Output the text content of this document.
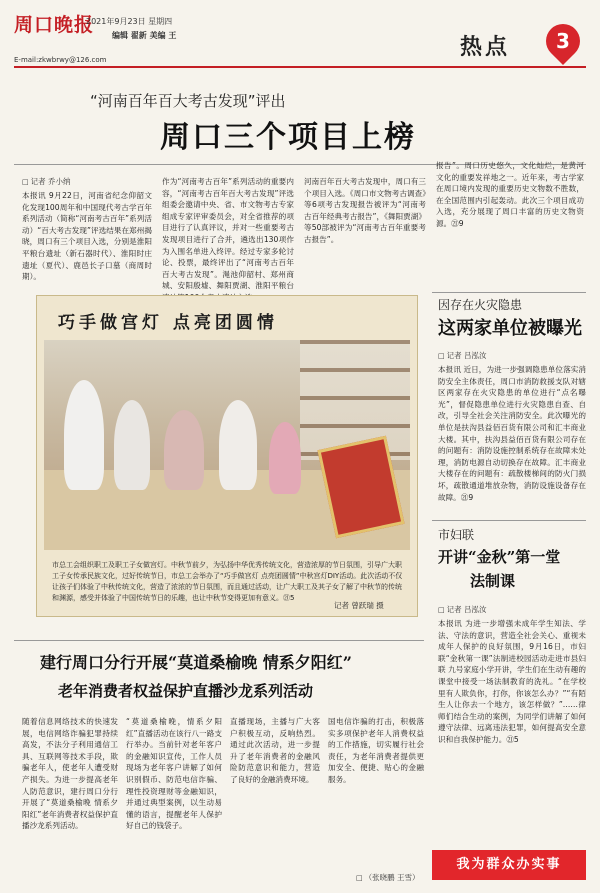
周口晚报
2021年9月23日 星期四
编辑 翟新 美编 王
E-mail:zkwbrwy@126.com	热点	3
“河南百年百大考古发现”评出
周口三个项目上榜
□ 记者 乔小纳
本报讯 9月22日，河南省纪念仰韶文化发现100周年和中国现代考古学百年系列活动（简称“河南考古百年”系列活动）“百大考古发现”评选结果在郑州揭晓，周口有三个项目入选，分别是淮阳平粮台遗址（新石器时代）、淮阳时庄遗址（夏代）、鹿邑长子口墓（商周时期）。
作为“河南考古百年”系列活动的重要内容，“河南考古百年百大考古发现”评选组委会邀请中央、省、市文物考古专家组成专家评审委员会，对全省推荐的项目进行了认真评议，并对一些重要考古发现项目进行了合并，遴选出130项作为入围名单进入终评。经过专家多轮讨论、投票，最终评出了“河南考古百年百大考古发现”。渑池仰韶村、郑州商城、安阳殷墟、舞阳贾湖、淮阳平粮台
河南百年百大考古发现中，周口有三个项目入选。《周口市文物考古调查》等6项考古发现报告被评为“河南考古百年经典考古报告”，《舞阳贾湖》等50部被评为“河南考古百年重要考古报告”。
报告”。周口历史悠久，文化灿烂，是黄河文化的重要发祥地之一。近年来，考古学家在周口境内发现的重要历史文物数不胜数，在全国范围内引起轰动。此次三个项目成功入选，充分展现了周口丰富的历史文物资源。㉑9
巧手做宫灯 点亮团圆情
市总工会组织职工及职工子女做宫灯。中秋节前夕，为弘扬中华优秀传统文化，营造浓厚的节日氛围，引导广大职工子女传承民族文化，过好传统节日，市总工会举办了“巧手做宫灯 点亮团圆情”中秋宫灯DIY活动。此次活动不仅让孩子们体验了中秋传统文化，营造了浓浓的节日氛围，而且通过活动，让广大职工及其子女了解了中秋节的传统和渊源，感受并体验了中国传统节日的乐趣，也让中秋节变得更加有意义。㉑5
记者 曾跃瑞 摄
因存在火灾隐患
这两家单位被曝光
□ 记者 吕泓汝
本报讯 近日，为进一步强调隐患单位落实消防安全主体责任，周口市消防救援支队对辖区两家存在火灾隐患的单位进行“点名曝光”，督促隐患单位进行火灾隐患自查、自改，引导全社会关注消防安全。此次曝光的单位是扶沟县益佰百货有限公司和汇丰商业大楼。其中，扶沟县益佰百货有限公司存在的问题有：消防设施控制系统存在故障未处理，消防电源自动切换存在故障。汇丰商业大楼存在的问题有：疏散楼梯间的防火门损坏，疏散通道堆放杂物，消防设施设备存在故障。㉑9
市妇联
开讲“金秋”第一堂
法制课
□ 记者 吕泓汝
本报讯 为进一步增强未成年学生知法、学法、守法的意识，营造全社会关心、重视未成年人保护的良好氛围，9月16日，市妇联“金秋第一课”法制进校园活动走进市县妇联 九号家庭小学开讲，学生们在生动有趣的课堂中接受一场法制教育的洗礼。“在学校里有人欺负你，打你，你该怎么办？”“有陌生人让你去一个地方，该怎样做？”……律师们结合生动的案例，为同学们讲解了如何遵守法律、远离违法犯罪，如何提高安全意识和自我保护能力。㉑5
建行周口分行开展“莫道桑榆晚 情系夕阳红”
老年消费者权益保护直播沙龙系列活动
随着信息网络技术的快速发展，电信网络诈骗犯罪持续高发，不法分子利用通信工具、互联网等技术手段，欺骗老年人，使老年人遭受财产损失。为进一步提高老年人防范意识，建行周口分行开展了“莫道桑榆晚 情系夕阳红”老年消费者权益保护直播沙龙系列活动。
“莫道桑榆晚，情系夕阳红”直播活动在该行八一路支行举办。当前针对老年客户的金融知识宣传，工作人员现场为老年客户讲解了如何识别假币、防范电信诈骗、理性投资理财等金融知识，并通过典型案例，以生动易懂的语言，提醒老年人保护好自己的钱袋子。
直播现场，主播与广大客户积极互动，反响热烈。通过此次活动，进一步提升了老年消费者的金融风险防范意识和能力，营造了良好的金融消费环境。
国电信诈骗的打击，积极落实多项保护老年人消费权益的工作措施，切实履行社会责任，为老年消费者提供更加安全、便捷、贴心的金融服务。
□ （张晓鹏 王雪）
我为群众办实事
